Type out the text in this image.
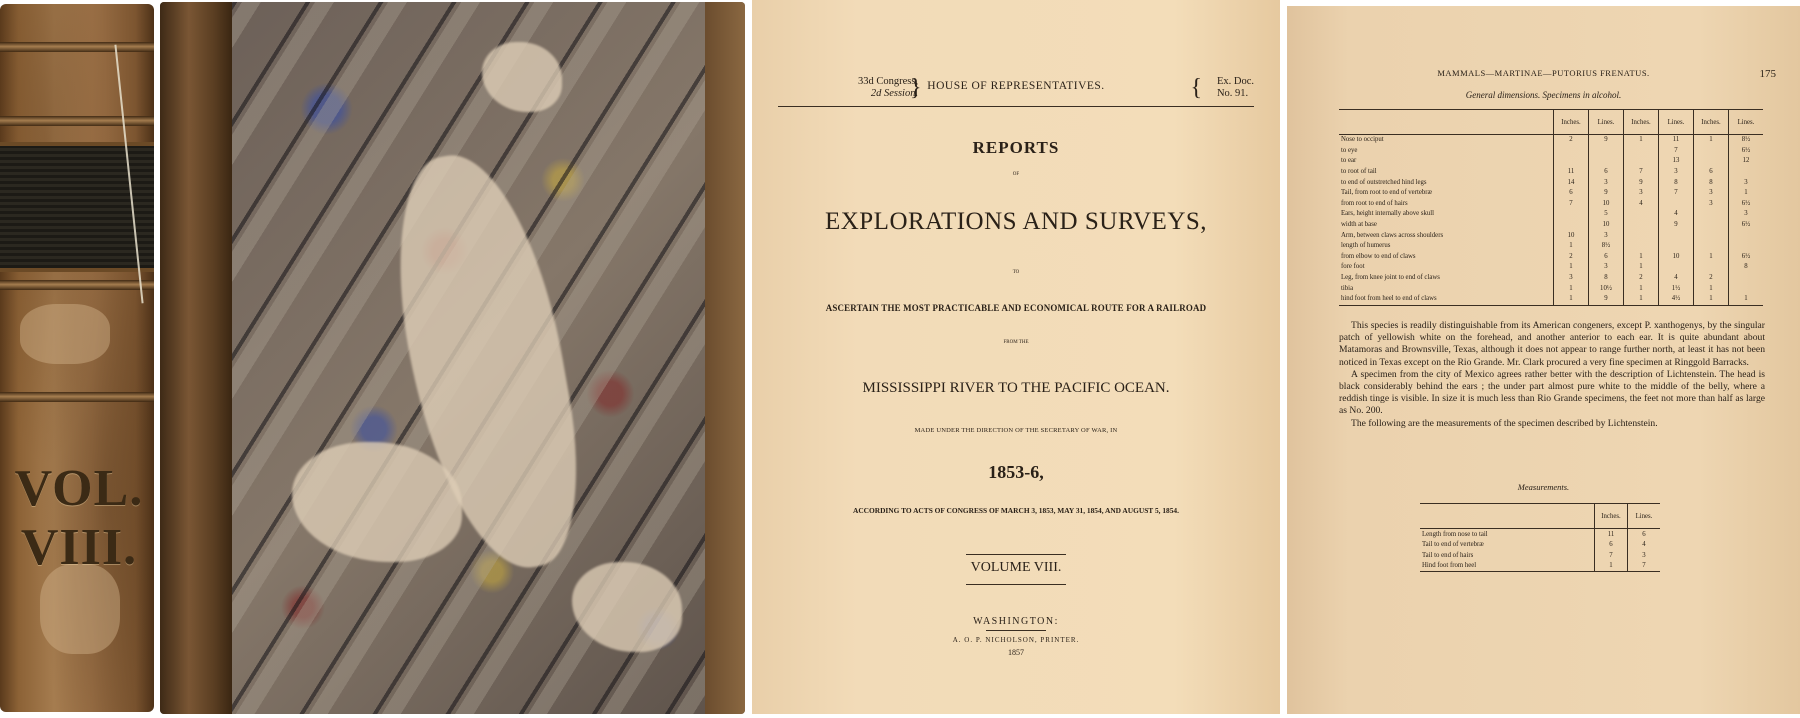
VOL. VIII.
33d Congress,
2d Session.
} HOUSE OF REPRESENTATIVES.	{ Ex. Doc.
No. 91.
REPORTS
OF
EXPLORATIONS AND SURVEYS,
TO
ASCERTAIN THE MOST PRACTICABLE AND ECONOMICAL ROUTE FOR A RAILROAD
FROM THE
MISSISSIPPI RIVER TO THE PACIFIC OCEAN.
MADE UNDER THE DIRECTION OF THE SECRETARY OF WAR, IN
1853-6,
ACCORDING TO ACTS OF CONGRESS OF MARCH 3, 1853, MAY 31, 1854, AND AUGUST 5, 1854.
VOLUME VIII.
WASHINGTON:
A. O. P. NICHOLSON, PRINTER.
1857
MAMMALS—MARTINAE—PUTORIUS FRENATUS.	175
General dimensions. Specimens in alcohol.
	Inches.	Lines.	Inches.	Lines.	Inches.	Lines.
Nose to occiput	2	9	1	11	1	8½
to eye				7		6½
to ear				13		12
to root of tail	11	6	7	3	6	
to end of outstretched hind legs	14	3	9	8	8	3
Tail, from root to end of vertebræ	6	9	3	7	3	1
from root to end of hairs	7	10	4		3	6½
Ears, height internally above skull		5		4		3
width at base		10		9		6½
Arm, between claws across shoulders	10	3				
length of humerus	1	8½				
from elbow to end of claws	2	6	1	10	1	6½
fore foot	1	3	1			8
Leg, from knee joint to end of claws	3	8	2	4	2	
tibia	1	10½	1	1½	1	
hind foot from heel to end of claws	1	9	1	4½	1	1

This species is readily distinguishable from its American congeners, except P. xanthogenys, by the singular patch of yellowish white on the forehead, and another anterior to each ear. It is quite abundant about Matamoras and Brownsville, Texas, although it does not appear to range further north, at least it has not been noticed in Texas except on the Rio Grande. Mr. Clark procured a very fine specimen at Ringgold Barracks.

A specimen from the city of Mexico agrees rather better with the description of Lichtenstein. The head is black considerably behind the ears ; the under part almost pure white to the middle of the belly, where a reddish tinge is visible. In size it is much less than Rio Grande specimens, the feet not more than half as large as No. 200.

The following are the measurements of the specimen described by Lichtenstein.

Measurements.
	Inches.	Lines.
Length from nose to tail	11	6
Tail to end of vertebræ	6	4
Tail to end of hairs	7	3
Hind foot from heel	1	7
